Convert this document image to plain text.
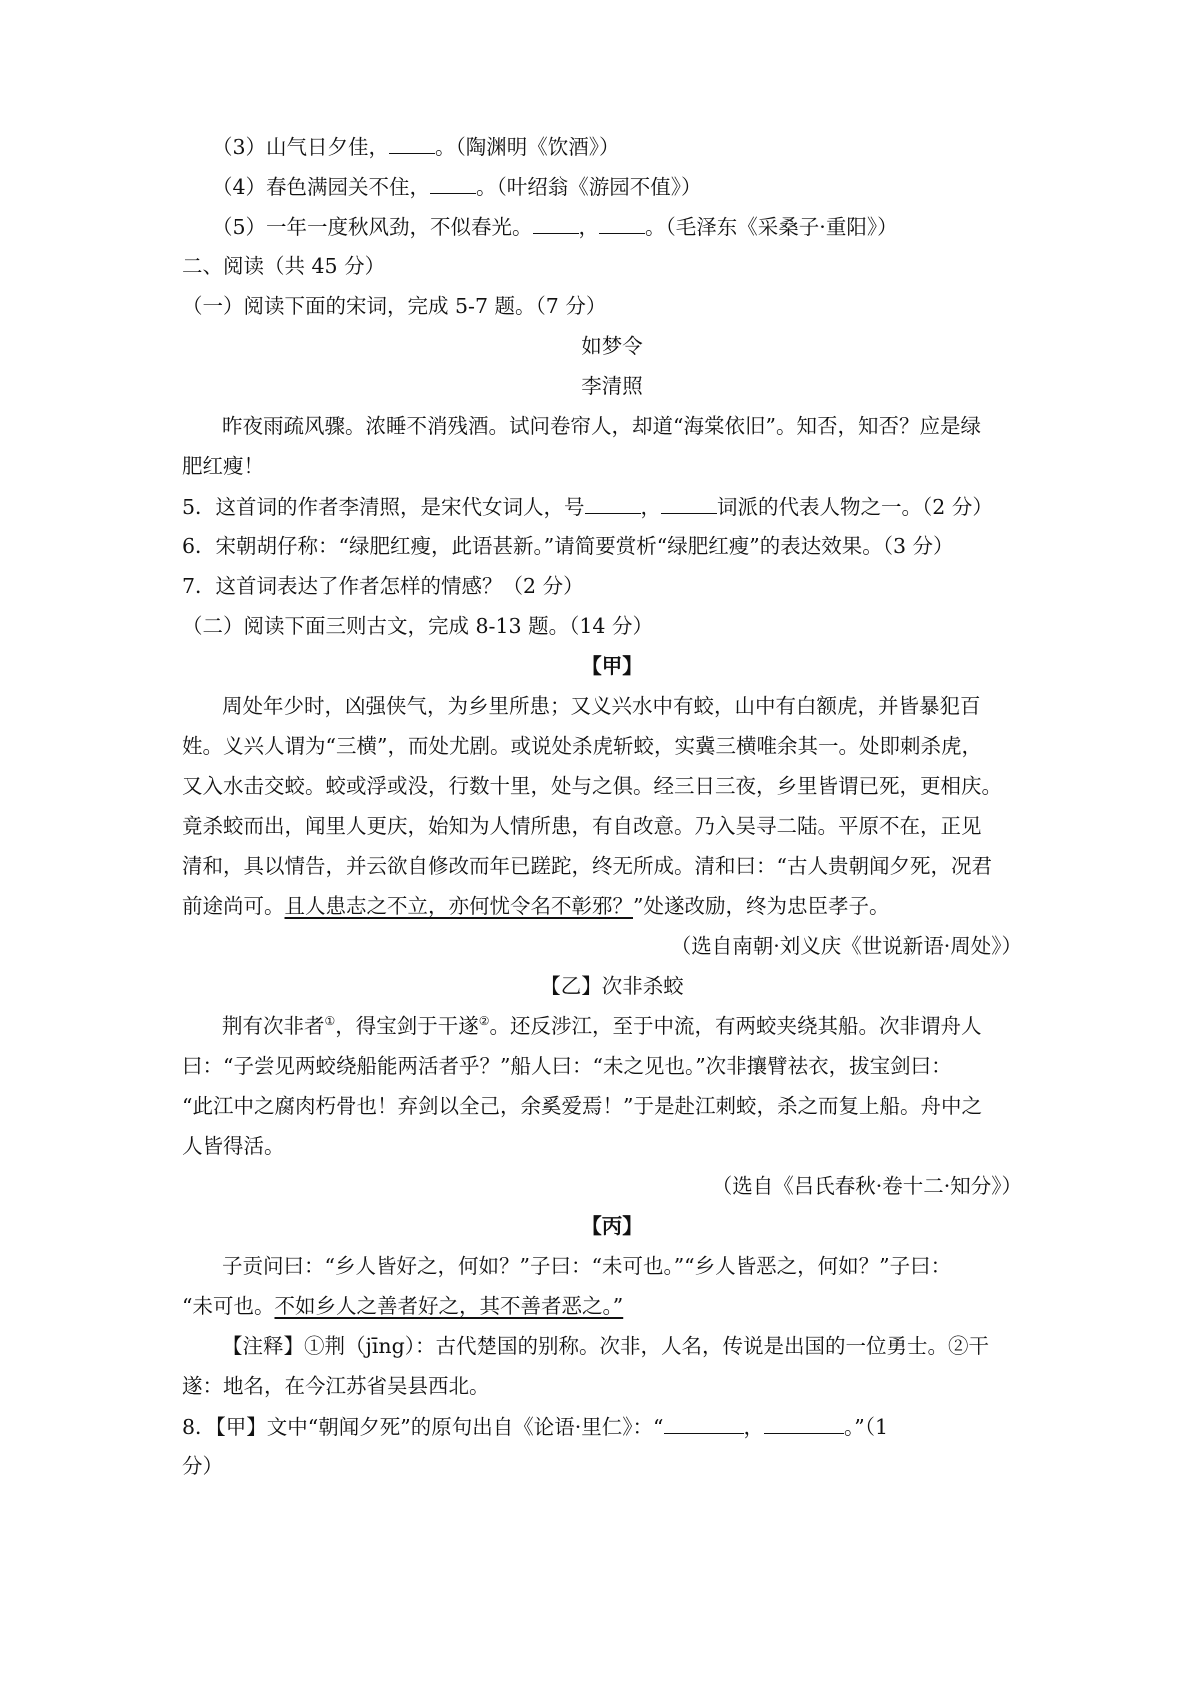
（3）山气日夕佳， 。（陶渊明《饮酒》）
（4）春色满园关不住， 。（叶绍翁《游园不值》）
（5）一年一度秋风劲，不似春光。 ， 。（毛泽东《采桑子·重阳》）
二、阅读（共 45 分）
（一）阅读下面的宋词，完成 5-7 题。（7 分）
如梦令
李清照
昨夜雨疏风骤。浓睡不消残酒。试问卷帘人，却道“海棠依旧”。知否，知否？应是绿
肥红瘦！
5．这首词的作者李清照，是宋代女词人，号	，	词派的代表人物之一。（2 分）
6．宋朝胡仔称：“绿肥红瘦，此语甚新。”请简要赏析“绿肥红瘦”的表达效果。（3 分）
7．这首词表达了作者怎样的情感？（2 分）
（二）阅读下面三则古文，完成 8-13 题。（14 分）
【甲】
周处年少时，凶强侠气，为乡里所患；又义兴水中有蛟，山中有白额虎，并皆暴犯百
姓。义兴人谓为“三横”，而处尤剧。或说处杀虎斩蛟，实冀三横唯余其一。处即刺杀虎，
又入水击交蛟。蛟或浮或没，行数十里，处与之俱。经三日三夜，乡里皆谓已死，更相庆。
竟杀蛟而出，闻里人更庆，始知为人情所患，有自改意。乃入吴寻二陆。平原不在，正见
清和，具以情告，并云欲自修改而年已蹉跎，终无所成。清和曰：“古人贵朝闻夕死，况君
前途尚可。且人患志之不立，亦何忧令名不彰邪？”处遂改励，终为忠臣孝子。
（选自南朝·刘义庆《世说新语·周处》）
【乙】次非杀蛟
荆有次非者①，得宝剑于干遂②。还反涉江，至于中流，有两蛟夹绕其船。次非谓舟人
曰：“子尝见两蛟绕船能两活者乎？”船人曰：“未之见也。”次非攘臂祛衣，拔宝剑曰：
“此江中之腐肉朽骨也！弃剑以全己，余奚爱焉！”于是赴江刺蛟，杀之而复上船。舟中之
人皆得活。
（选自《吕氏春秋·卷十二·知分》）
【丙】
子贡问曰：“乡人皆好之，何如？”子曰：“未可也。”“乡人皆恶之，何如？”子曰：
“未可也。不如乡人之善者好之，其不善者恶之。”
【注释】①荆（jīng）：古代楚国的别称。次非，人名，传说是出国的一位勇士。②干
遂：地名，在今江苏省吴县西北。
8．【甲】文中“朝闻夕死”的原句出自《论语·里仁》：“	，	。”（1
分）
